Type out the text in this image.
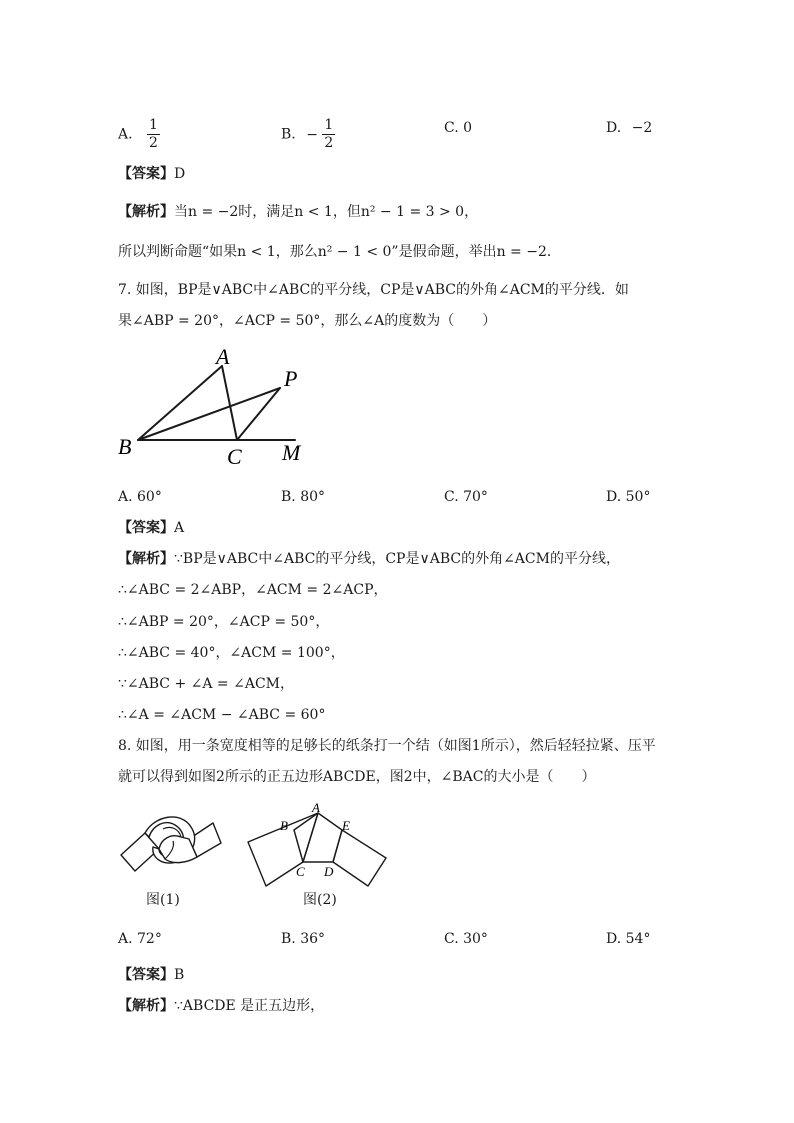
A. $\frac{1}{2}$	B. − $\frac{1}{2}$	C. 0	D. −2
【答案】D
【解析】当n = −2时，满足n < 1，但n² − 1 = 3 > 0，
所以判断命题“如果n < 1，那么n² − 1 < 0”是假命题，举出n = −2．
7. 如图，BP是∨ABC中∠ABC的平分线，CP是∨ABC的外角∠ACM的平分线．如
果∠ABP = 20°，∠ACP = 50°，那么∠A的度数为（　　）
A
P
B	C M
A. 60°	B. 80°	C. 70°	D. 50°
【答案】A
【解析】∵BP是∨ABC中∠ABC的平分线，CP是∨ABC的外角∠ACM的平分线，
∴∠ABC = 2∠ABP，∠ACM = 2∠ACP，
∴∠ABP = 20°，∠ACP = 50°，
∴∠ABC = 40°，∠ACM = 100°，
∵∠ABC + ∠A = ∠ACM，
∴∠A = ∠ACM − ∠ABC = 60°
8. 如图，用一条宽度相等的足够长的纸条打一个结（如图1所示），然后轻轻拉紧、压平
就可以得到如图2所示的正五边形ABCDE，图2中，∠BAC的大小是（　　）
图(1)
A
B
C D
E
图(2)
A. 72°	B. 36°	C. 30°	D. 54°
【答案】B
【解析】∵ABCDE 是正五边形，
